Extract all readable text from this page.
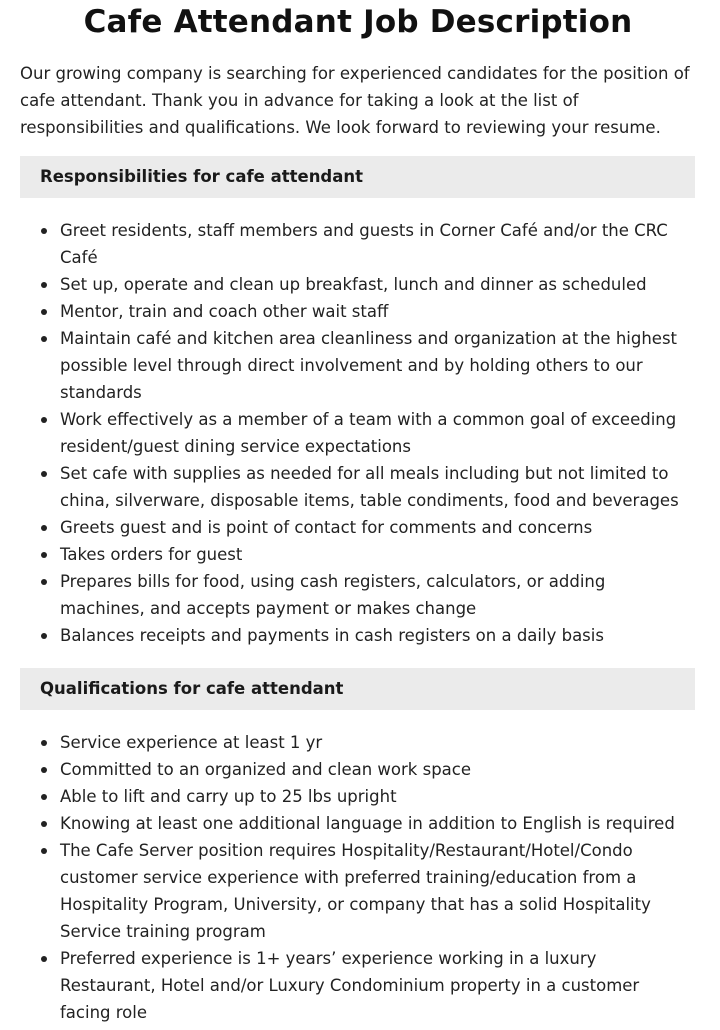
Cafe Attendant Job Description

Our growing company is searching for experienced candidates for the position of cafe attendant. Thank you in advance for taking a look at the list of responsibilities and qualifications. We look forward to reviewing your resume.

Responsibilities for cafe attendant
Greet residents, staff members and guests in Corner Café and/or the CRC Café
Set up, operate and clean up breakfast, lunch and dinner as scheduled
Mentor, train and coach other wait staff
Maintain café and kitchen area cleanliness and organization at the highest possible level through direct involvement and by holding others to our standards
Work effectively as a member of a team with a common goal of exceeding resident/guest dining service expectations
Set cafe with supplies as needed for all meals including but not limited to china, silverware, disposable items, table condiments, food and beverages
Greets guest and is point of contact for comments and concerns
Takes orders for guest
Prepares bills for food, using cash registers, calculators, or adding machines, and accepts payment or makes change
Balances receipts and payments in cash registers on a daily basis
Qualifications for cafe attendant
Service experience at least 1 yr
Committed to an organized and clean work space
Able to lift and carry up to 25 lbs upright
Knowing at least one additional language in addition to English is required
The Cafe Server position requires Hospitality/Restaurant/Hotel/Condo customer service experience with preferred training/education from a Hospitality Program, University, or company that has a solid Hospitality Service training program
Preferred experience is 1+ years’ experience working in a luxury Restaurant, Hotel and/or Luxury Condominium property in a customer facing role
